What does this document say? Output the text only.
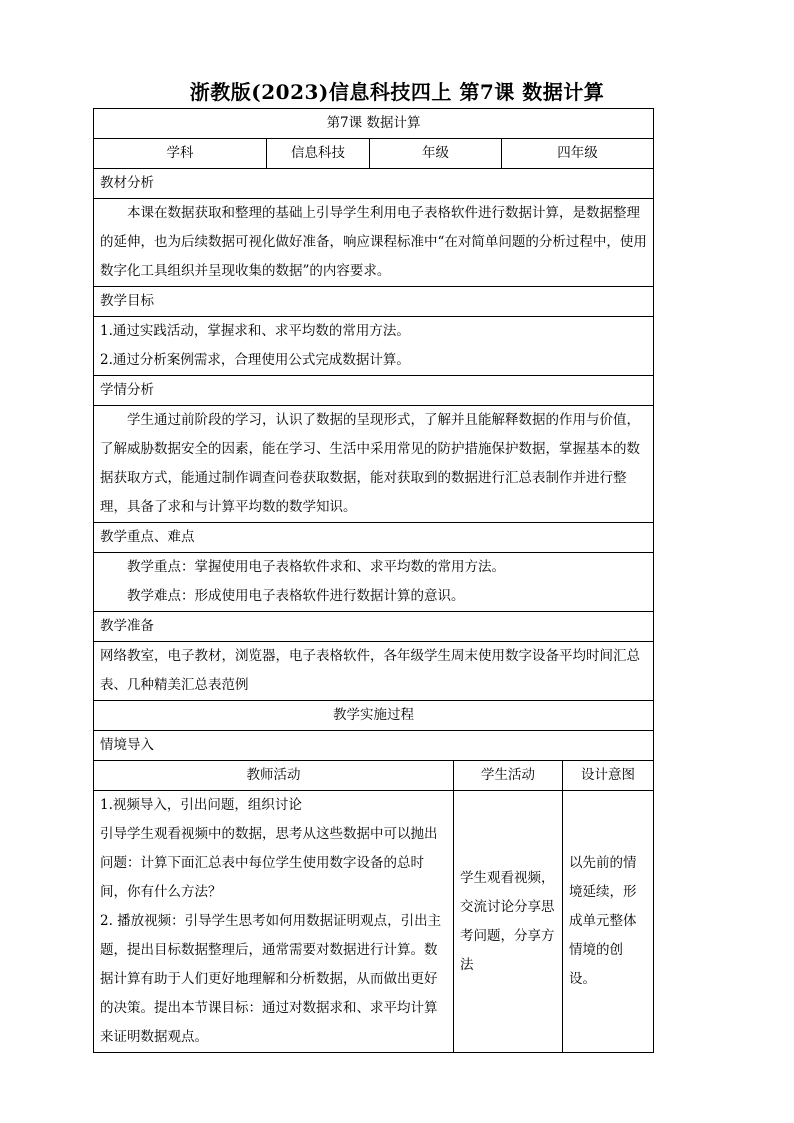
浙教版(2023)信息科技四上 第7课 数据计算
第7课 数据计算					
学科	信息科技	年级		四年级	
教材分析					
本课在数据获取和整理的基础上引导学生利用电子表格软件进行数据计算，是数据整理的延伸，也为后续数据可视化做好准备，响应课程标准中“在对简单问题的分析过程中，使用数字化工具组织并呈现收集的数据”的内容要求。					
教学目标					

1.通过实践活动，掌握求和、求平均数的常用方法。
2.通过分析案例需求，合理使用公式完成数据计算。					

学情分析					
学生通过前阶段的学习，认识了数据的呈现形式，了解并且能解释数据的作用与价值，了解威胁数据安全的因素，能在学习、生活中采用常见的防护措施保护数据，掌握基本的数据获取方式，能通过制作调查问卷获取数据，能对获取到的数据进行汇总表制作并进行整理，具备了求和与计算平均数的数学知识。					
教学重点、难点					

教学重点：掌握使用电子表格软件求和、求平均数的常用方法。
教学难点：形成使用电子表格软件进行数据计算的意识。					

教学准备					
网络教室，电子教材，浏览器，电子表格软件，各年级学生周末使用数字设备平均时间汇总表、几种精美汇总表范例					
教学实施过程					
情境导入					
教师活动			学生活动		设计意图

1.视频导入，引出问题，组织讨论
引导学生观看视频中的数据，思考从这些数据中可以抛出问题：计算下面汇总表中每位学生使用数字设备的总时间，你有什么方法？
2. 播放视频：引导学生思考如何用数据证明观点，引出主题，提出目标数据整理后，通常需要对数据进行计算。数据计算有助于人们更好地理解和分析数据，从而做出更好的决策。提出本节课目标：通过对数据求和、求平均计算来证明数据观点。			学生观看视频，交流讨论分享思考问题，分享方法		以先前的情境延续，形成单元整体情境的创设。
